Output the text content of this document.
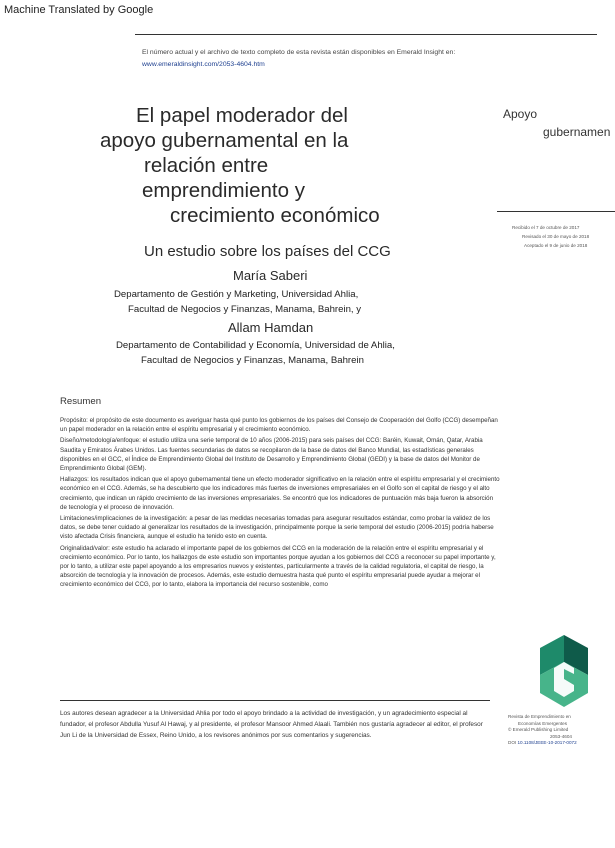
Machine Translated by Google
El número actual y el archivo de texto completo de esta revista están disponibles en Emerald Insight en:
www.emeraldinsight.com/2053-4604.htm
El papel moderador del
apoyo gubernamental en la
relación entre
emprendimiento y
crecimiento económico
Un estudio sobre los países del CCG
María Saberi
Departamento de Gestión y Marketing, Universidad Ahlia,
Facultad de Negocios y Finanzas, Manama, Bahrein, y
Allam Hamdan
Departamento de Contabilidad y Economía, Universidad de Ahlia,
Facultad de Negocios y Finanzas, Manama, Bahrein
Apoyo
gubernamen
Recibido el 7 de octubre de 2017
Revisado el 30 de mayo de 2018
Aceptado el 9 de junio de 2018
Resumen

Propósito: el propósito de este documento es averiguar hasta qué punto los gobiernos de los países del Consejo de Cooperación del Golfo (CCG) desempeñan un papel moderador en la relación entre el espíritu empresarial y el crecimiento económico.

Diseño/metodología/enfoque: el estudio utiliza una serie temporal de 10 años (2006-2015) para seis países del CCG: Baréin, Kuwait, Omán, Qatar, Arabia Saudita y Emiratos Árabes Unidos. Las fuentes secundarias de datos se recopilaron de la base de datos del Banco Mundial, las estadísticas generales disponibles en el GCC, el Índice de Emprendimiento Global del Instituto de Desarrollo y Emprendimiento Global (GEDI) y la base de datos del Monitor de Emprendimiento Global (GEM).

Hallazgos: los resultados indican que el apoyo gubernamental tiene un efecto moderador significativo en la relación entre el espíritu empresarial y el crecimiento económico en el CCG. Además, se ha descubierto que los indicadores más fuertes de inversiones empresariales en el Golfo son el capital de riesgo y el alto crecimiento, que indican un rápido crecimiento de las inversiones empresariales. Se encontró que los indicadores de puntuación más baja fueron la absorción de tecnología y el proceso de innovación.

Limitaciones/implicaciones de la investigación: a pesar de las medidas necesarias tomadas para asegurar resultados estándar, como probar la validez de los datos, se debe tener cuidado al generalizar los resultados de la investigación, principalmente porque la serie temporal del estudio (2006-2015) podría haberse visto afectada Crisis financiera, aunque el estudio ha tenido esto en cuenta.

Originalidad/valor: este estudio ha aclarado el importante papel de los gobiernos del CCG en la moderación de la relación entre el espíritu empresarial y el crecimiento económico. Por lo tanto, los hallazgos de este estudio son importantes porque ayudan a los gobiernos del CCG a reconocer su papel importante y, por lo tanto, a utilizar este papel apoyando a los empresarios nuevos y existentes, particularmente a través de la calidad regulatoria, el capital de riesgo, la absorción de tecnología y la innovación de procesos. Además, este estudio demuestra hasta qué punto el espíritu empresarial puede ayudar a mejorar el crecimiento económico del CCG, por lo tanto, elabora la importancia del recurso sostenible, como

Los autores desean agradecer a la Universidad Ahlia por todo el apoyo brindado a la actividad de investigación, y un agradecimiento especial al fundador, el profesor Abdulla Yusuf Al Hawaj, y al presidente, el profesor Mansoor Ahmed Alaali. También nos gustaría agradecer al editor, el profesor Jun Li de la Universidad de Essex, Reino Unido, a los revisores anónimos por sus comentarios y sugerencias.
Revista de Emprendimiento en
Economías Emergentes
© Emerald Publishing Limited
2053-4604
DOI 10.1108/JEEE-10-2017-0072
